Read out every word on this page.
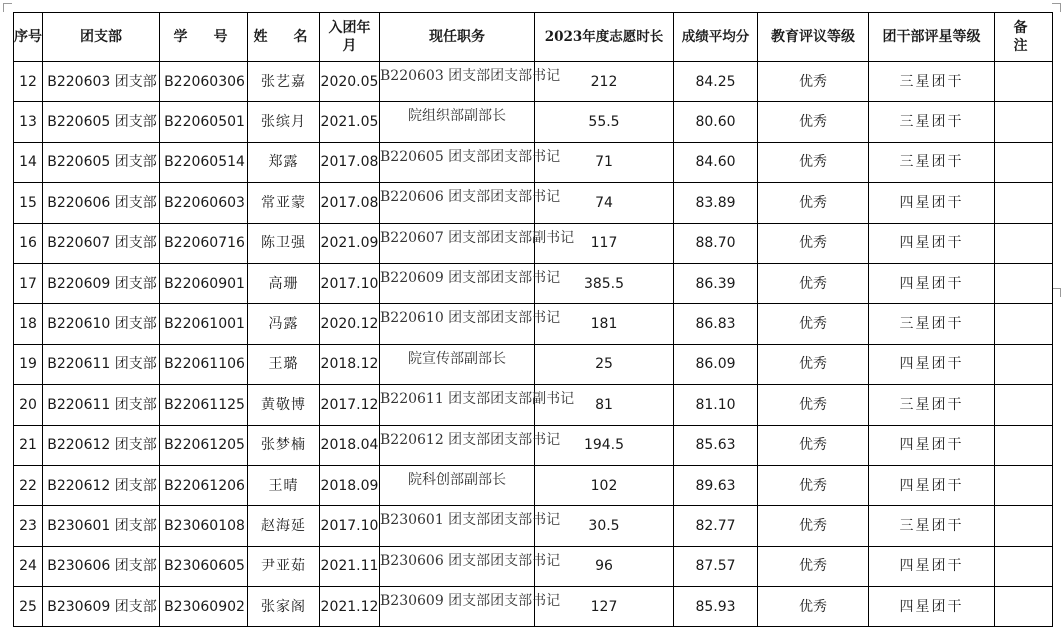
序号	团支部	学　号	姓　名	入团年月	现任职务	2023年度志愿时长	成绩平均分	教育评议等级	团干部评星等级	备　注
12	B220603 团支部	B22060306	张艺嘉	2020.05	B220603 团支部团支部书记	212	84.25	优秀	三星团干	
13	B220605 团支部	B22060501	张缤月	2021.05	院组织部副部长	55.5	80.60	优秀	三星团干	
14	B220605 团支部	B22060514	郑露	2017.08	B220605 团支部团支部书记	71	84.60	优秀	三星团干	
15	B220606 团支部	B22060603	常亚蒙	2017.08	B220606 团支部团支部书记	74	83.89	优秀	四星团干	
16	B220607 团支部	B22060716	陈卫强	2021.09	B220607 团支部团支部副书记	117	88.70	优秀	四星团干	
17	B220609 团支部	B22060901	高珊	2017.10	B220609 团支部团支部书记	385.5	86.39	优秀	四星团干	
18	B220610 团支部	B22061001	冯露	2020.12	B220610 团支部团支部书记	181	86.83	优秀	三星团干	
19	B220611 团支部	B22061106	王璐	2018.12	院宣传部副部长	25	86.09	优秀	四星团干	
20	B220611 团支部	B22061125	黄敬博	2017.12	B220611 团支部团支部副书记	81	81.10	优秀	三星团干	
21	B220612 团支部	B22061205	张梦楠	2018.04	B220612 团支部团支部书记	194.5	85.63	优秀	四星团干	
22	B220612 团支部	B22061206	王晴	2018.09	院科创部副部长	102	89.63	优秀	四星团干	
23	B230601 团支部	B23060108	赵海延	2017.10	B230601 团支部团支部书记	30.5	82.77	优秀	三星团干	
24	B230606 团支部	B23060605	尹亚茹	2021.11	B230606 团支部团支部书记	96	87.57	优秀	四星团干	
25	B230609 团支部	B23060902	张家阁	2021.12	B230609 团支部团支部书记	127	85.93	优秀	四星团干	
